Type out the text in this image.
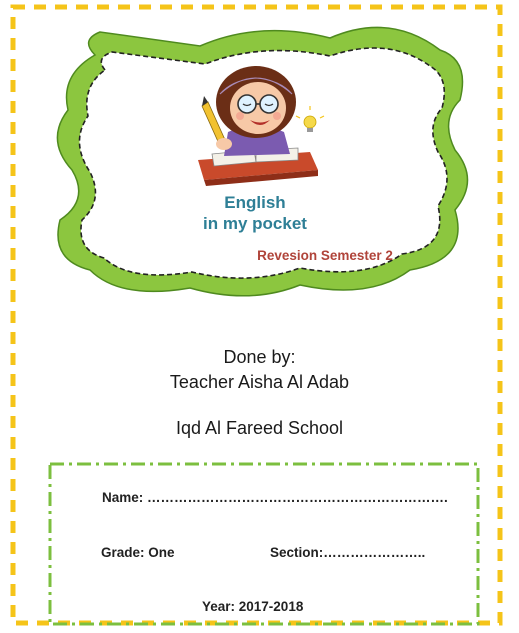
English
in my pocket
Revesion Semester 2
Done by:
Teacher Aisha Al Adab
Iqd Al Fareed School
Name: ………………………………………………………….
Grade: One	Section:…………………..
Year: 2017-2018
